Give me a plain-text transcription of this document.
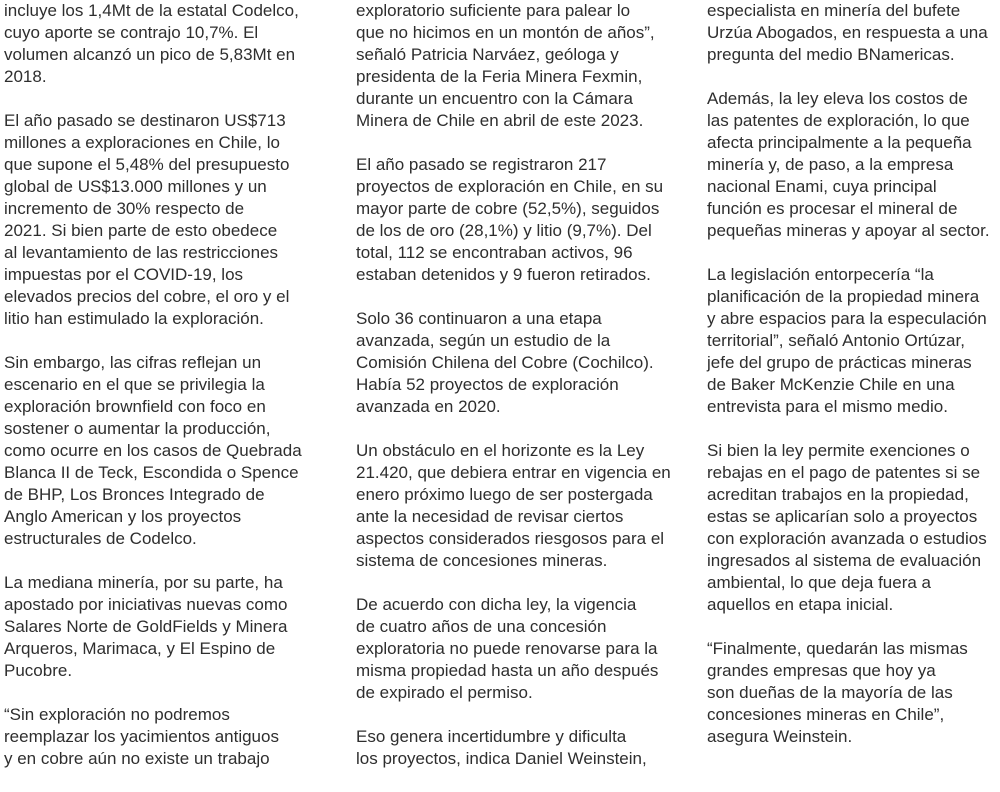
incluye los 1,4Mt de la estatal Codelco,
cuyo aporte se contrajo 10,7%. El
volumen alcanzó un pico de 5,83Mt en
2018.

El año pasado se destinaron US$713
millones a exploraciones en Chile, lo
que supone el 5,48% del presupuesto
global de US$13.000 millones y un
incremento de 30% respecto de
2021. Si bien parte de esto obedece
al levantamiento de las restricciones
impuestas por el COVID-19, los
elevados precios del cobre, el oro y el
litio han estimulado la exploración.

Sin embargo, las cifras reflejan un
escenario en el que se privilegia la
exploración brownfield con foco en
sostener o aumentar la producción,
como ocurre en los casos de Quebrada
Blanca II de Teck, Escondida o Spence
de BHP, Los Bronces Integrado de
Anglo American y los proyectos
estructurales de Codelco.

La mediana minería, por su parte, ha
apostado por iniciativas nuevas como
Salares Norte de GoldFields y Minera
Arqueros, Marimaca, y El Espino de
Pucobre.

“Sin exploración no podremos
reemplazar los yacimientos antiguos
y en cobre aún no existe un trabajo

exploratorio suficiente para palear lo
que no hicimos en un montón de años”,
señaló Patricia Narváez, geóloga y
presidenta de la Feria Minera Fexmin,
durante un encuentro con la Cámara
Minera de Chile en abril de este 2023.

El año pasado se registraron 217
proyectos de exploración en Chile, en su
mayor parte de cobre (52,5%), seguidos
de los de oro (28,1%) y litio (9,7%). Del
total, 112 se encontraban activos, 96
estaban detenidos y 9 fueron retirados.

Solo 36 continuaron a una etapa
avanzada, según un estudio de la
Comisión Chilena del Cobre (Cochilco).
Había 52 proyectos de exploración
avanzada en 2020.

Un obstáculo en el horizonte es la Ley
21.420, que debiera entrar en vigencia en
enero próximo luego de ser postergada
ante la necesidad de revisar ciertos
aspectos considerados riesgosos para el
sistema de concesiones mineras.

De acuerdo con dicha ley, la vigencia
de cuatro años de una concesión
exploratoria no puede renovarse para la
misma propiedad hasta un año después
de expirado el permiso.

Eso genera incertidumbre y dificulta
los proyectos, indica Daniel Weinstein,

especialista en minería del bufete
Urzúa Abogados, en respuesta a una
pregunta del medio BNamericas.

Además, la ley eleva los costos de
las patentes de exploración, lo que
afecta principalmente a la pequeña
minería y, de paso, a la empresa
nacional Enami, cuya principal
función es procesar el mineral de
pequeñas mineras y apoyar al sector.

La legislación entorpecería “la
planificación de la propiedad minera
y abre espacios para la especulación
territorial”, señaló Antonio Ortúzar,
jefe del grupo de prácticas mineras
de Baker McKenzie Chile en una
entrevista para el mismo medio.

Si bien la ley permite exenciones o
rebajas en el pago de patentes si se
acreditan trabajos en la propiedad,
estas se aplicarían solo a proyectos
con exploración avanzada o estudios
ingresados al sistema de evaluación
ambiental, lo que deja fuera a
aquellos en etapa inicial.

“Finalmente, quedarán las mismas
grandes empresas que hoy ya
son dueñas de la mayoría de las
concesiones mineras en Chile”,
asegura Weinstein.
